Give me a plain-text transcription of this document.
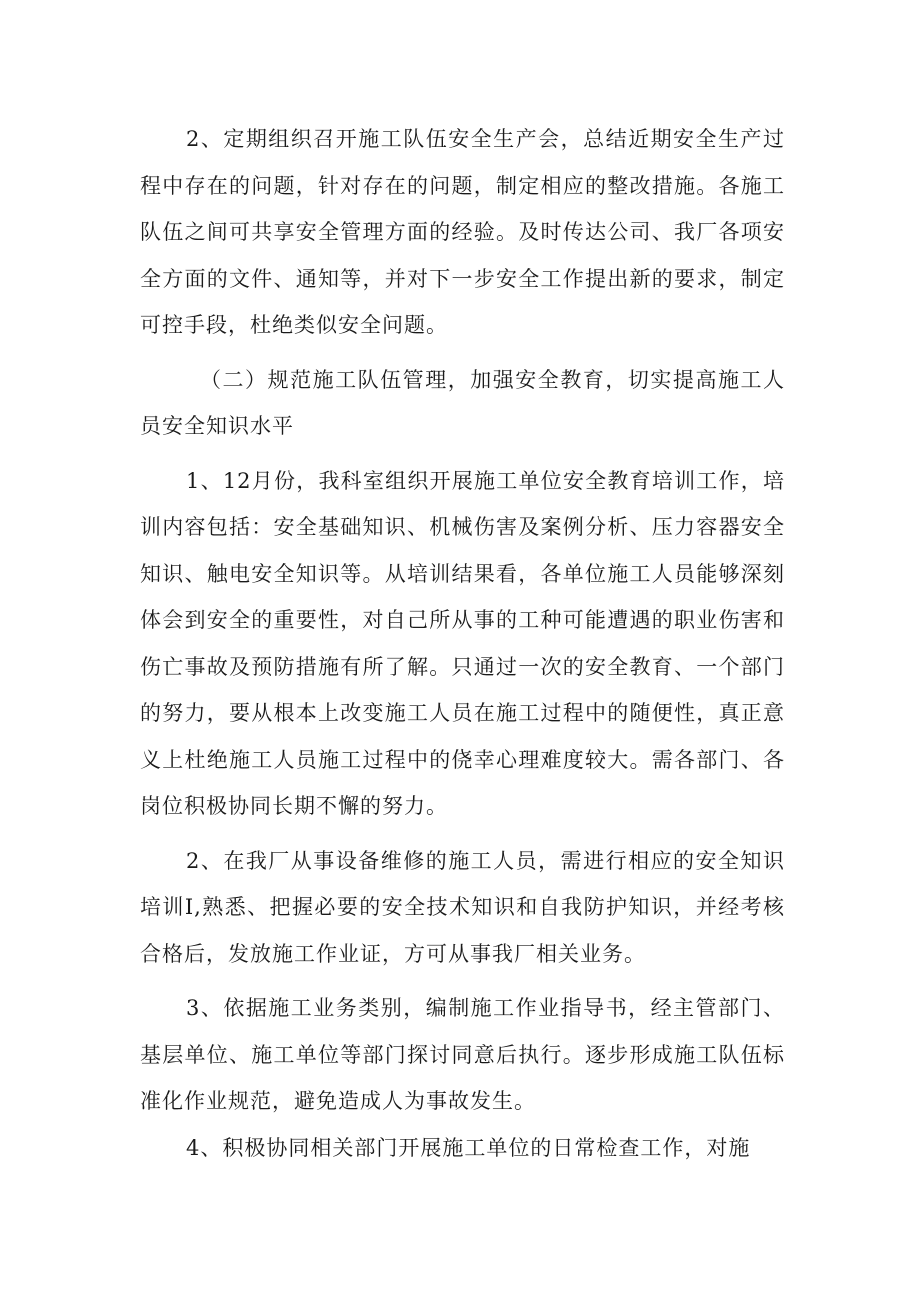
2、定期组织召开施工队伍安全生产会，总结近期安全生产过程中存在的问题，针对存在的问题，制定相应的整改措施。各施工队伍之间可共享安全管理方面的经验。及时传达公司、我厂各项安全方面的文件、通知等，并对下一步安全工作提出新的要求，制定可控手段，杜绝类似安全问题。

（二）规范施工队伍管理，加强安全教育，切实提高施工人员安全知识水平

1、12月份，我科室组织开展施工单位安全教育培训工作，培训内容包括：安全基础知识、机械伤害及案例分析、压力容器安全知识、触电安全知识等。从培训结果看，各单位施工人员能够深刻体会到安全的重要性，对自己所从事的工种可能遭遇的职业伤害和伤亡事故及预防措施有所了解。只通过一次的安全教育、一个部门的努力，要从根本上改变施工人员在施工过程中的随便性，真正意义上杜绝施工人员施工过程中的侥幸心理难度较大。需各部门、各岗位积极协同长期不懈的努力。

2、在我厂从事设备维修的施工人员，需进行相应的安全知识培训I,熟悉、把握必要的安全技术知识和自我防护知识，并经考核合格后，发放施工作业证，方可从事我厂相关业务。

3、依据施工业务类别，编制施工作业指导书，经主管部门、基层单位、施工单位等部门探讨同意后执行。逐步形成施工队伍标准化作业规范，避免造成人为事故发生。

4、积极协同相关部门开展施工单位的日常检查工作，对施
